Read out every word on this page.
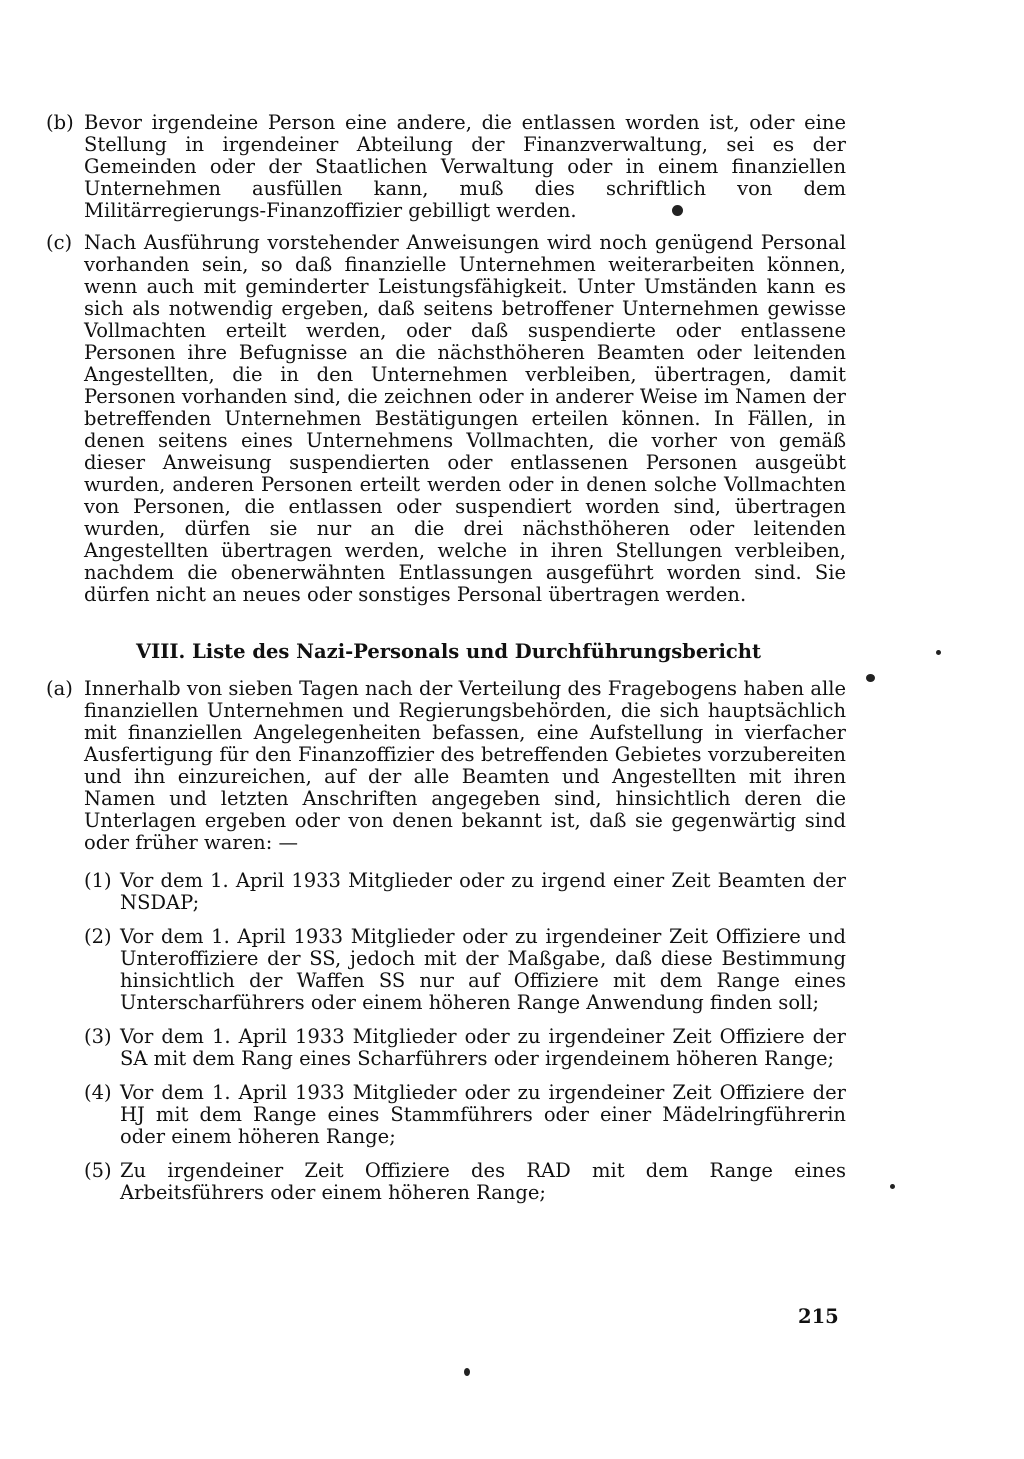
(b) Bevor irgendeine Person eine andere, die entlassen worden ist, oder eine Stellung in irgendeiner Abteilung der Finanzverwaltung, sei es der Gemeinden oder der Staatlichen Verwaltung oder in einem finanziellen Unternehmen ausfüllen kann, muß dies schriftlich von dem Militärregierungs-Finanzoffizier gebilligt werden.
(c) Nach Ausführung vorstehender Anweisungen wird noch genügend Personal vorhanden sein, so daß finanzielle Unternehmen weiterarbeiten können, wenn auch mit geminderter Leistungsfähigkeit. Unter Umständen kann es sich als notwendig ergeben, daß seitens betroffener Unternehmen gewisse Vollmachten erteilt werden, oder daß suspendierte oder entlassene Personen ihre Befugnisse an die nächsthöheren Beamten oder leitenden Angestellten, die in den Unternehmen verbleiben, übertragen, damit Personen vorhanden sind, die zeichnen oder in anderer Weise im Namen der betreffenden Unternehmen Bestätigungen erteilen können. In Fällen, in denen seitens eines Unternehmens Vollmachten, die vorher von gemäß dieser Anweisung suspendierten oder entlassenen Personen ausgeübt wurden, anderen Personen erteilt werden oder in denen solche Vollmachten von Personen, die entlassen oder suspendiert worden sind, übertragen wurden, dürfen sie nur an die drei nächsthöheren oder leitenden Angestellten übertragen werden, welche in ihren Stellungen verbleiben, nachdem die obenerwähnten Entlassungen ausgeführt worden sind. Sie dürfen nicht an neues oder sonstiges Personal übertragen werden.
VIII. Liste des Nazi-Personals und Durchführungsbericht
(a) Innerhalb von sieben Tagen nach der Verteilung des Fragebogens haben alle finanziellen Unternehmen und Regierungsbehörden, die sich hauptsächlich mit finanziellen Angelegenheiten befassen, eine Aufstellung in vierfacher Ausfertigung für den Finanzoffizier des betreffenden Gebietes vorzubereiten und ihn einzureichen, auf der alle Beamten und Angestellten mit ihren Namen und letzten Anschriften angegeben sind, hinsichtlich deren die Unterlagen ergeben oder von denen bekannt ist, daß sie gegenwärtig sind oder früher waren: —
(1) Vor dem 1. April 1933 Mitglieder oder zu irgend einer Zeit Beamten der NSDAP;
(2) Vor dem 1. April 1933 Mitglieder oder zu irgendeiner Zeit Offiziere und Unteroffiziere der SS, jedoch mit der Maßgabe, daß diese Bestimmung hinsichtlich der Waffen SS nur auf Offiziere mit dem Range eines Unterscharführers oder einem höheren Range Anwendung finden soll;
(3) Vor dem 1. April 1933 Mitglieder oder zu irgendeiner Zeit Offiziere der SA mit dem Rang eines Scharführers oder irgendeinem höheren Range;
(4) Vor dem 1. April 1933 Mitglieder oder zu irgendeiner Zeit Offiziere der HJ mit dem Range eines Stammführers oder einer Mädelringführerin oder einem höheren Range;
(5) Zu irgendeiner Zeit Offiziere des RAD mit dem Range eines Arbeitsführers oder einem höheren Range;
215
